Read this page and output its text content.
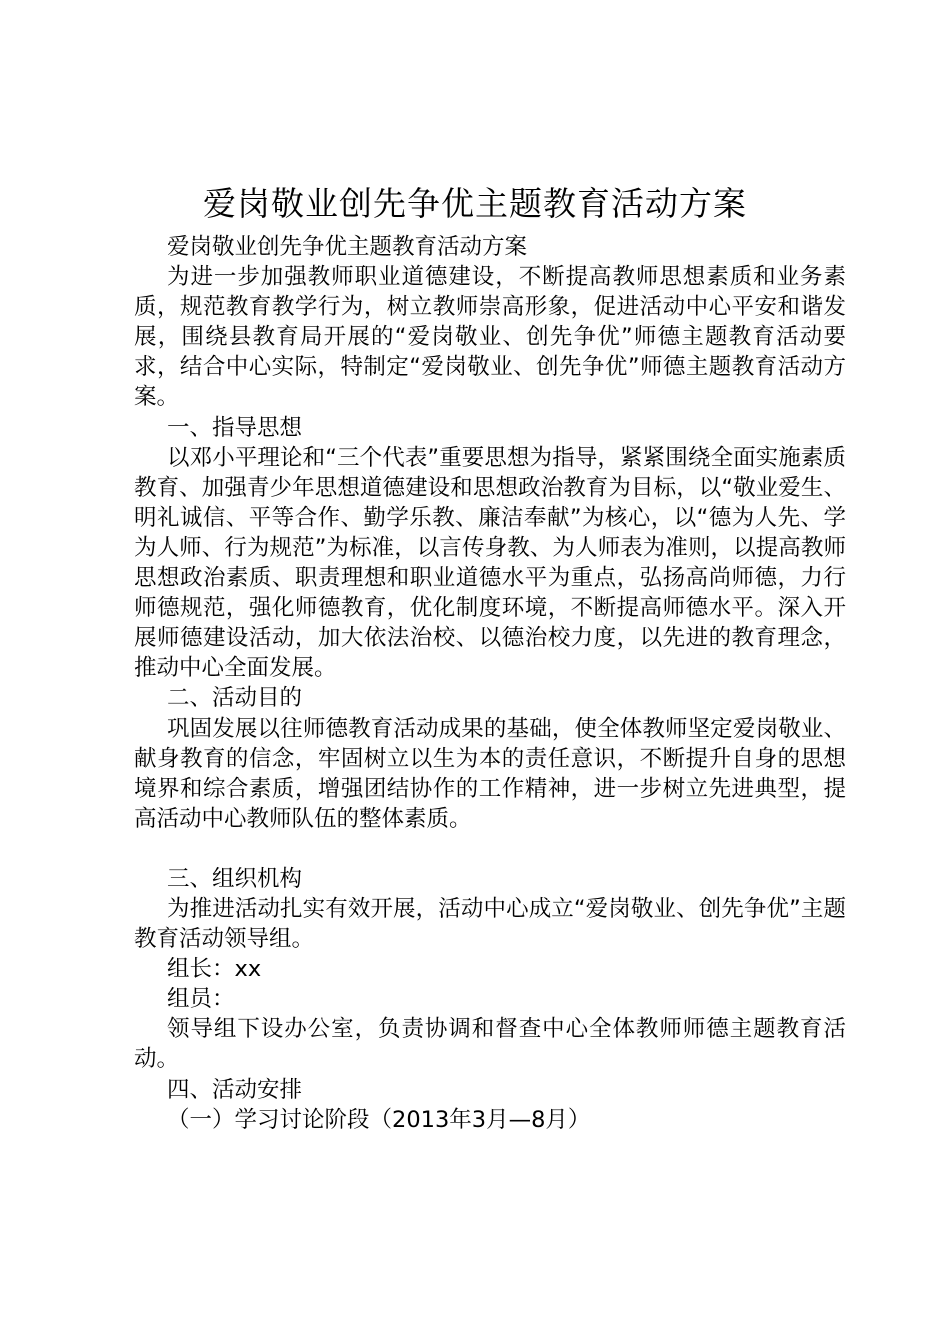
爱岗敬业创先争优主题教育活动方案

爱岗敬业创先争优主题教育活动方案

为进一步加强教师职业道德建设，不断提高教师思想素质和业务素质，规范教育教学行为，树立教师崇高形象，促进活动中心平安和谐发展，围绕县教育局开展的“爱岗敬业、创先争优”师德主题教育活动要求，结合中心实际，特制定“爱岗敬业、创先争优”师德主题教育活动方案。

一、指导思想

以邓小平理论和“三个代表”重要思想为指导，紧紧围绕全面实施素质教育、加强青少年思想道德建设和思想政治教育为目标，以“敬业爱生、明礼诚信、平等合作、勤学乐教、廉洁奉献”为核心，以“德为人先、学为人师、行为规范”为标准，以言传身教、为人师表为准则，以提高教师思想政治素质、职责理想和职业道德水平为重点，弘扬高尚师德，力行师德规范，强化师德教育，优化制度环境，不断提高师德水平。深入开展师德建设活动，加大依法治校、以德治校力度，以先进的教育理念，推动中心全面发展。

二、活动目的

巩固发展以往师德教育活动成果的基础，使全体教师坚定爱岗敬业、献身教育的信念，牢固树立以生为本的责任意识，不断提升自身的思想境界和综合素质，增强团结协作的工作精神，进一步树立先进典型，提高活动中心教师队伍的整体素质。

三、组织机构

为推进活动扎实有效开展，活动中心成立“爱岗敬业、创先争优”主题教育活动领导组。

组长：xx

组员：

领导组下设办公室，负责协调和督查中心全体教师师德主题教育活动。

四、活动安排

（一）学习讨论阶段（2013年3月—8月）
